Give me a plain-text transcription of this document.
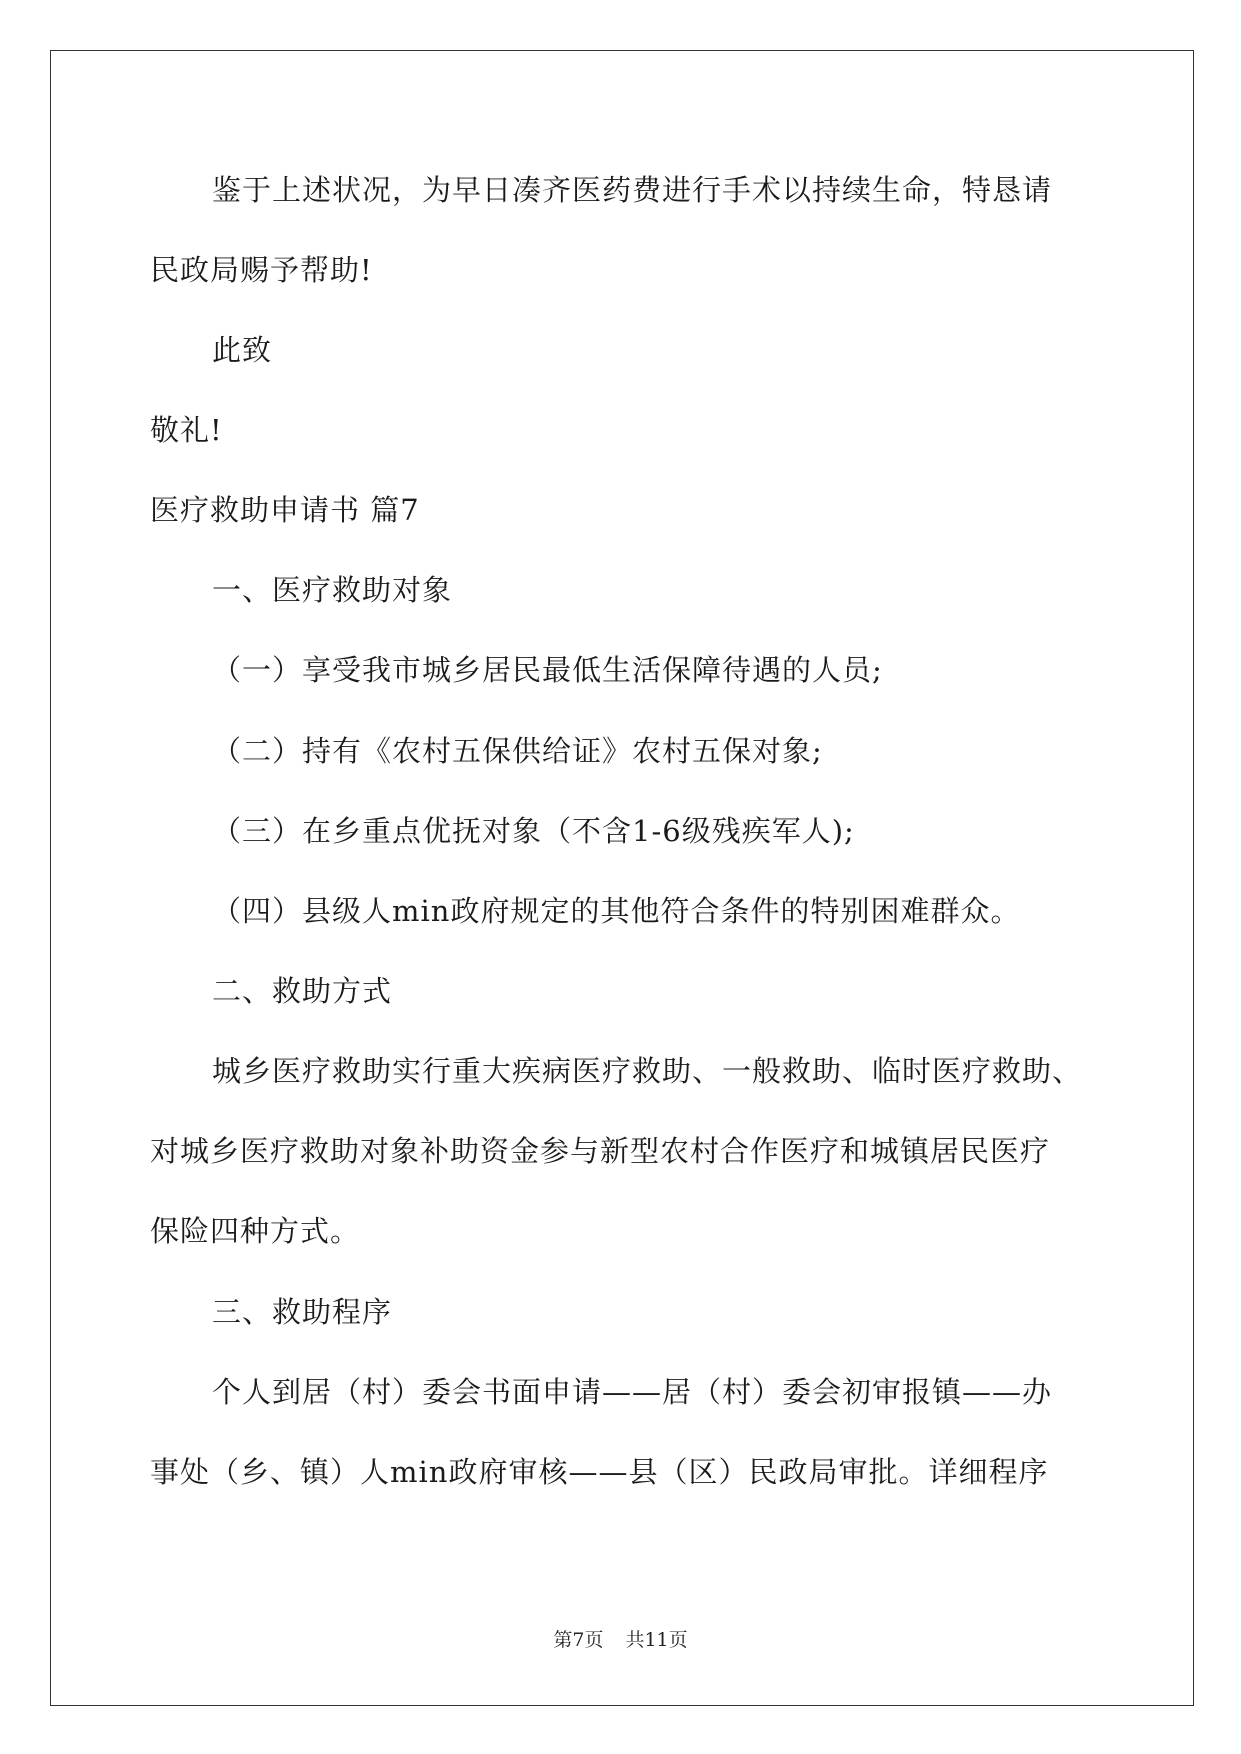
鉴于上述状况，为早日凑齐医药费进行手术以持续生命，特恳请
民政局赐予帮助!
此致
敬礼!
医疗救助申请书 篇7
一、医疗救助对象
（一）享受我市城乡居民最低生活保障待遇的人员;
（二）持有《农村五保供给证》农村五保对象;
（三）在乡重点优抚对象（不含1-6级残疾军人);
（四）县级人min政府规定的其他符合条件的特别困难群众。
二、救助方式
城乡医疗救助实行重大疾病医疗救助、一般救助、临时医疗救助、
对城乡医疗救助对象补助资金参与新型农村合作医疗和城镇居民医疗
保险四种方式。
三、救助程序
个人到居（村）委会书面申请——居（村）委会初审报镇——办
事处（乡、镇）人min政府审核——县（区）民政局审批。详细程序
第7页 共11页
